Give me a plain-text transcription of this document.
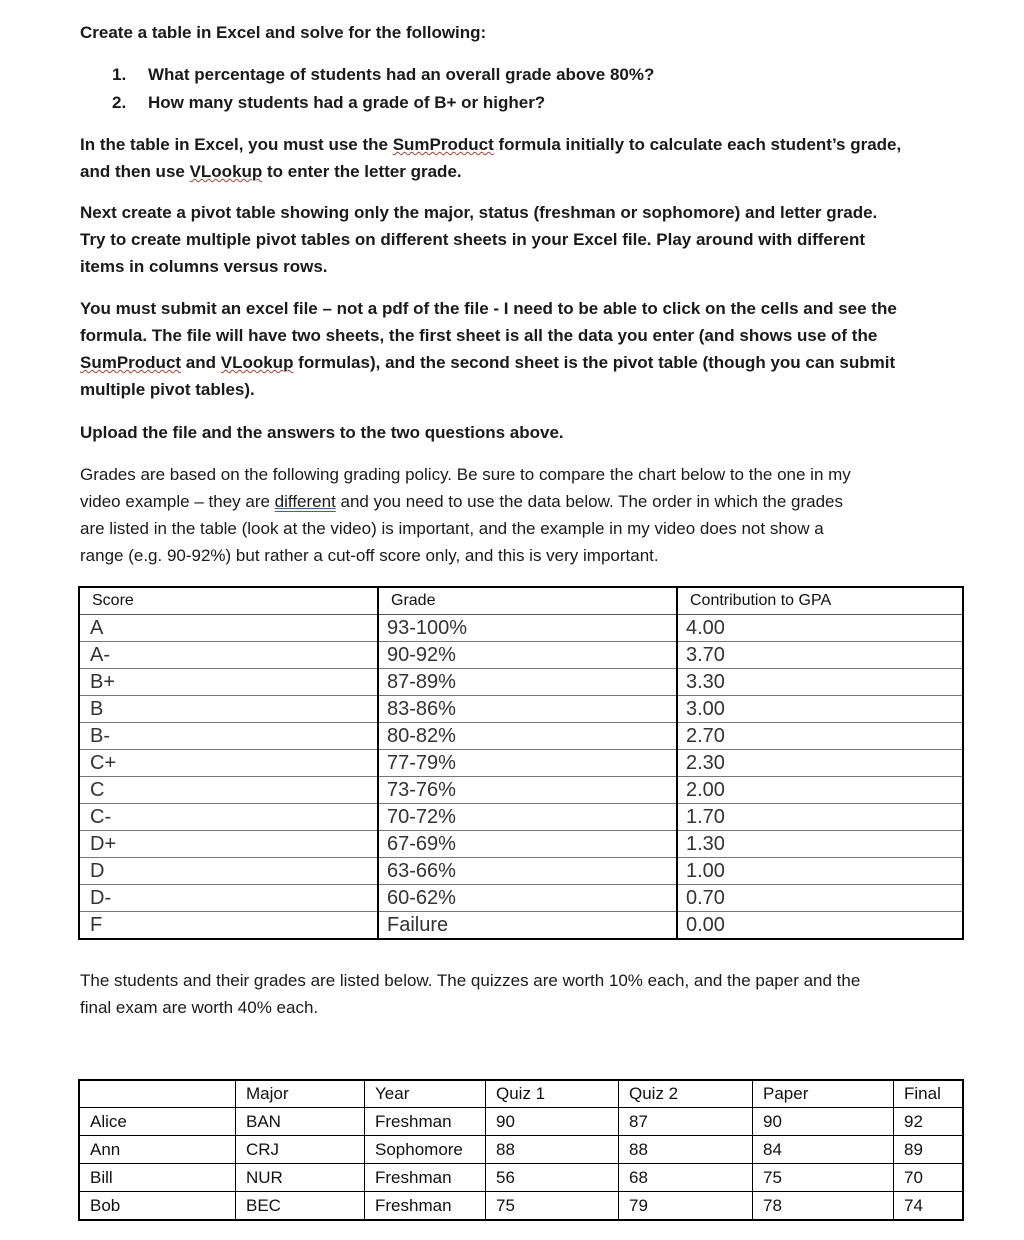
Create a table in Excel and solve for the following:
1. What percentage of students had an overall grade above 80%?
2. How many students had a grade of B+ or higher?
In the table in Excel, you must use the SumProduct formula initially to calculate each student’s grade,
and then use VLookup to enter the letter grade.
Next create a pivot table showing only the major, status (freshman or sophomore) and letter grade.
Try to create multiple pivot tables on different sheets in your Excel file. Play around with different
items in columns versus rows.
You must submit an excel file – not a pdf of the file - I need to be able to click on the cells and see the
formula. The file will have two sheets, the first sheet is all the data you enter (and shows use of the
SumProduct and VLookup formulas), and the second sheet is the pivot table (though you can submit
multiple pivot tables).
Upload the file and the answers to the two questions above.
Grades are based on the following grading policy. Be sure to compare the chart below to the one in my
video example – they are different and you need to use the data below. The order in which the grades
are listed in the table (look at the video) is important, and the example in my video does not show a
range (e.g. 90-92%) but rather a cut-off score only, and this is very important.
Score	Grade	Contribution to GPA
A	93-100%	4.00
A-	90-92%	3.70
B+	87-89%	3.30
B	83-86%	3.00
B-	80-82%	2.70
C+	77-79%	2.30
C	73-76%	2.00
C-	70-72%	1.70
D+	67-69%	1.30
D	63-66%	1.00
D-	60-62%	0.70
F	Failure	0.00
The students and their grades are listed below. The quizzes are worth 10% each, and the paper and the
final exam are worth 40% each.
	Major	Year	Quiz 1	Quiz 2	Paper	Final
Alice	BAN	Freshman	90	87	90	92
Ann	CRJ	Sophomore	88	88	84	89
Bill	NUR	Freshman	56	68	75	70
Bob	BEC	Freshman	75	79	78	74
